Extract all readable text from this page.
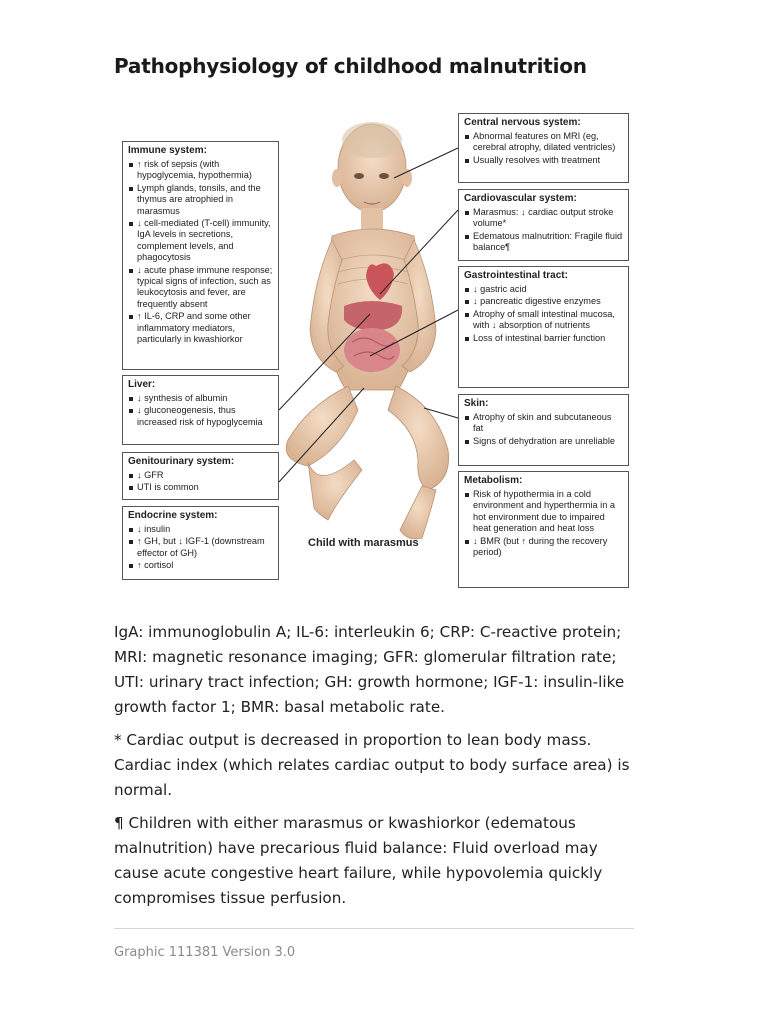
Pathophysiology of childhood malnutrition
Immune system:
↑ risk of sepsis (with hypoglycemia, hypothermia)
Lymph glands, tonsils, and the thymus are atrophied in marasmus
↓ cell-mediated (T-cell) immunity, IgA levels in secretions, complement levels, and phagocytosis
↓ acute phase immune response; typical signs of infection, such as leukocytosis and fever, are frequently absent
↑ IL-6, CRP and some other inflammatory mediators, particularly in kwashiorkor
Liver:
↓ synthesis of albumin
↓ gluconeogenesis, thus increased risk of hypoglycemia
Genitourinary system:
↓ GFR
UTI is common
Endocrine system:
↓ insulin
↑ GH, but ↓ IGF-1 (downstream effector of GH)
↑ cortisol
Central nervous system:
Abnormal features on MRI (eg, cerebral atrophy, dilated ventricles)
Usually resolves with treatment
Cardiovascular system:
Marasmus: ↓ cardiac output stroke volume*
Edematous malnutrition: Fragile fluid balance¶
Gastrointestinal tract:
↓ gastric acid
↓ pancreatic digestive enzymes
Atrophy of small intestinal mucosa, with ↓ absorption of nutrients
Loss of intestinal barrier function
Skin:
Atrophy of skin and subcutaneous fat
Signs of dehydration are unreliable
Metabolism:
Risk of hypothermia in a cold environment and hyperthermia in a hot environment due to impaired heat generation and heat loss
↓ BMR (but ↑ during the recovery period)
Child with marasmus

IgA: immunoglobulin A; IL-6: interleukin 6; CRP: C-reactive protein; MRI: magnetic resonance imaging; GFR: glomerular filtration rate; UTI: urinary tract infection; GH: growth hormone; IGF-1: insulin-like growth factor 1; BMR: basal metabolic rate.

* Cardiac output is decreased in proportion to lean body mass. Cardiac index (which relates cardiac output to body surface area) is normal.

¶ Children with either marasmus or kwashiorkor (edematous malnutrition) have precarious fluid balance: Fluid overload may cause acute congestive heart failure, while hypovolemia quickly compromises tissue perfusion.

Graphic 111381 Version 3.0
